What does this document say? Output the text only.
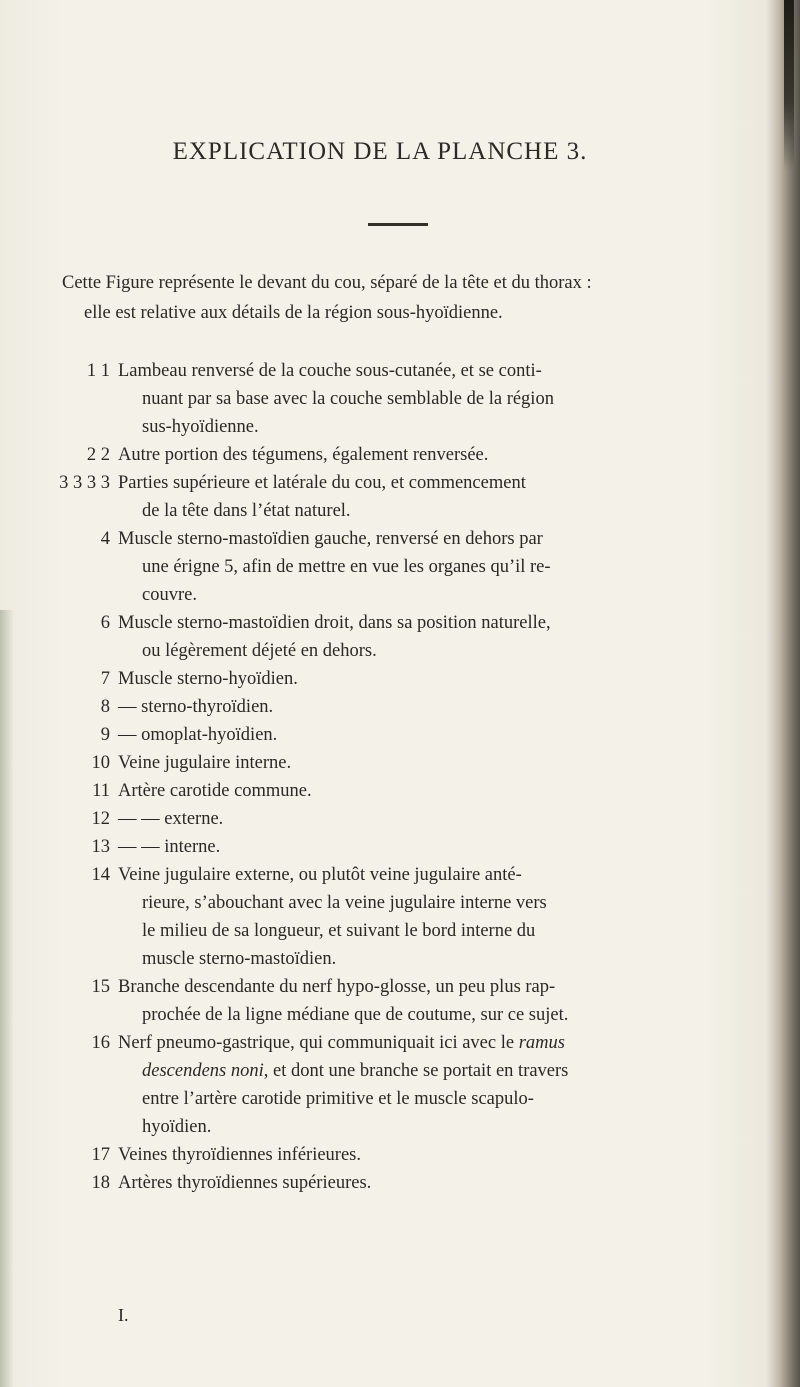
EXPLICATION DE LA PLANCHE 3.
Cette Figure représente le devant du cou, séparé de la tête et du thorax :
elle est relative aux détails de la région sous-hyoïdienne.
1 1 Lambeau renversé de la couche sous-cutanée, et se conti-
nuant par sa base avec la couche semblable de la région
sus-hyoïdienne.
2 2 Autre portion des tégumens, également renversée.
3 3 3 3 Parties supérieure et latérale du cou, et commencement
de la tête dans l’état naturel.
4 Muscle sterno-mastoïdien gauche, renversé en dehors par
une érigne 5, afin de mettre en vue les organes qu’il re-
couvre.
6 Muscle sterno-mastoïdien droit, dans sa position naturelle,
ou légèrement déjeté en dehors.
7 Muscle sterno-hyoïdien.
8 — sterno-thyroïdien.
9 — omoplat-hyoïdien.
10 Veine jugulaire interne.
11 Artère carotide commune.
12 — — externe.
13 — — interne.
14 Veine jugulaire externe, ou plutôt veine jugulaire anté-
rieure, s’abouchant avec la veine jugulaire interne vers
le milieu de sa longueur, et suivant le bord interne du
muscle sterno-mastoïdien.
15 Branche descendante du nerf hypo-glosse, un peu plus rap-
prochée de la ligne médiane que de coutume, sur ce sujet.
16 Nerf pneumo-gastrique, qui communiquait ici avec le ramus
descendens noni, et dont une branche se portait en travers
entre l’artère carotide primitive et le muscle scapulo-
hyoïdien.
17 Veines thyroïdiennes inférieures.
18 Artères thyroïdiennes supérieures.
I.
